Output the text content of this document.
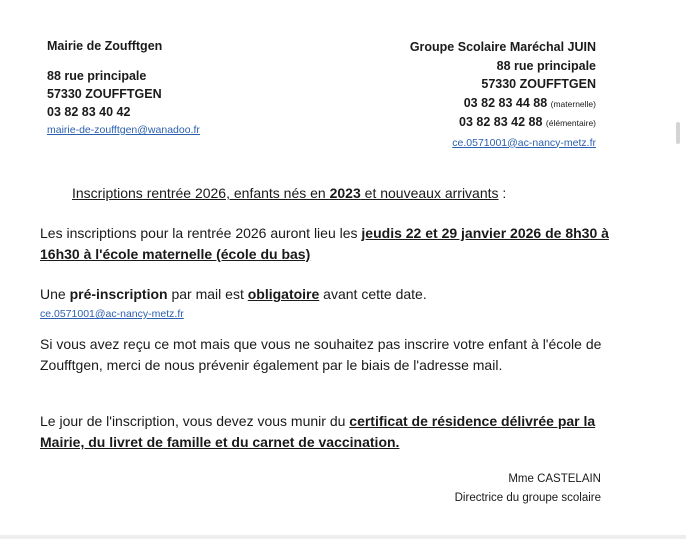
Mairie de Zoufftgen
88 rue principale
57330 ZOUFFTGEN
03 82 83 40 42
mairie-de-zoufftgen@wanadoo.fr
Groupe Scolaire Maréchal JUIN
88 rue principale
57330 ZOUFFTGEN
03 82 83 44 88 (maternelle)
03 82 83 42 88 (élémentaire)
ce.0571001@ac-nancy-metz.fr
Inscriptions rentrée 2026, enfants nés en 2023 et nouveaux arrivants :
Les inscriptions pour la rentrée 2026 auront lieu les jeudis 22 et 29 janvier 2026 de 8h30 à 16h30 à l'école maternelle (école du bas)
Une pré-inscription par mail est obligatoire avant cette date.
ce.0571001@ac-nancy-metz.fr
Si vous avez reçu ce mot mais que vous ne souhaitez pas inscrire votre enfant à l'école de Zoufftgen, merci de nous prévenir également par le biais de l'adresse mail.
Le jour de l'inscription, vous devez vous munir du certificat de résidence délivrée par la Mairie, du livret de famille et du carnet de vaccination.
Mme CASTELAIN
Directrice du groupe scolaire
